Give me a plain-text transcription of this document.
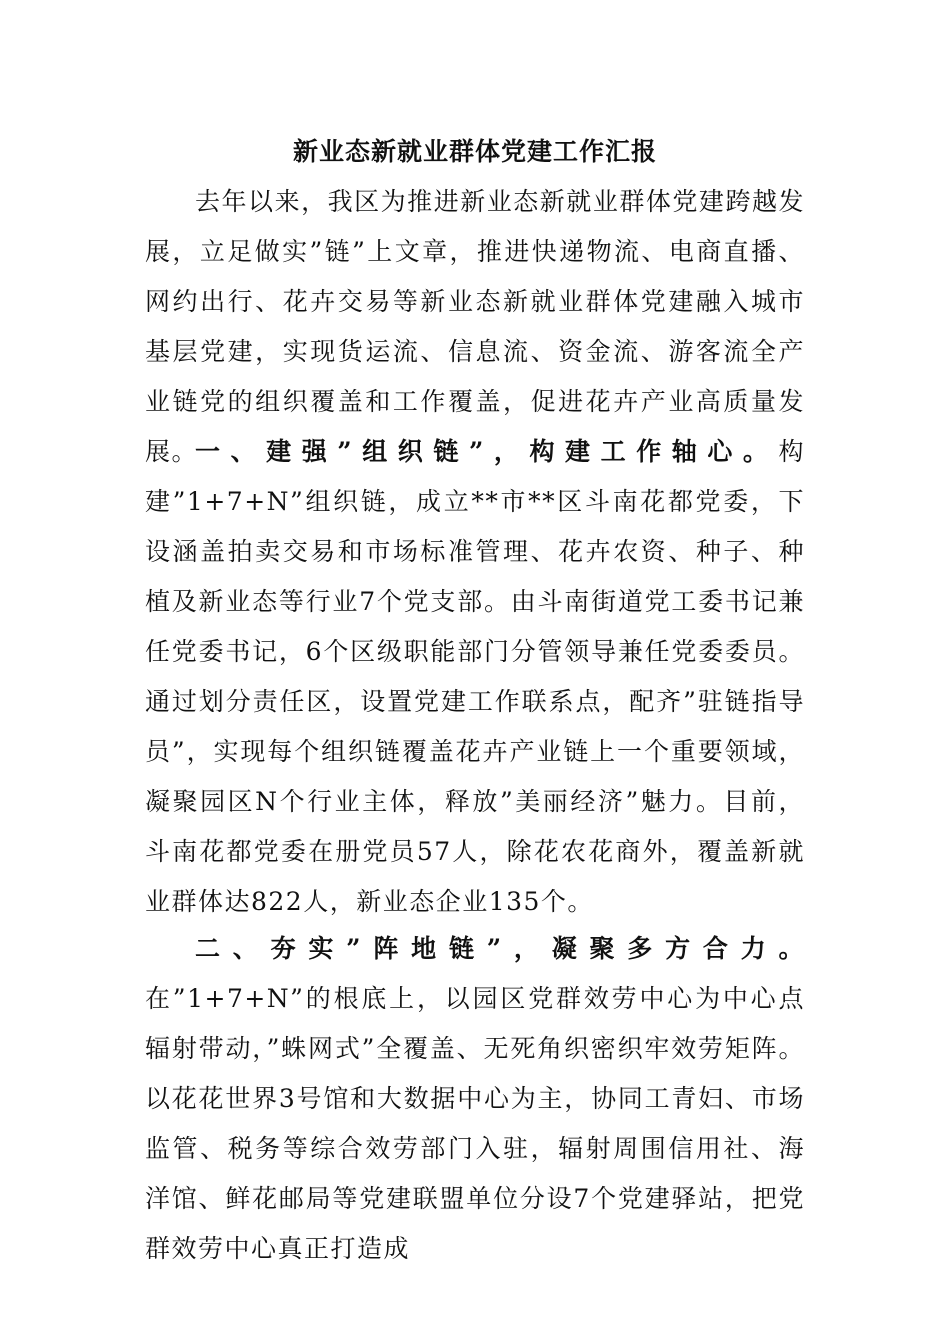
新业态新就业群体党建工作汇报

去年以来，我区为推进新业态新就业群体党建跨越发展，立足做实”链”上文章，推进快递物流、电商直播、网约出行、花卉交易等新业态新就业群体党建融入城市基层党建，实现货运流、信息流、资金流、游客流全产业链党的组织覆盖和工作覆盖，促进花卉产业高质量发展。

一、建强”组织链”，构建工作轴心。构建”1+7+N”组织链，成立**市**区斗南花都党委，下设涵盖拍卖交易和市场标准管理、花卉农资、种子、种植及新业态等行业7个党支部。由斗南街道党工委书记兼任党委书记，6个区级职能部门分管领导兼任党委委员。通过划分责任区，设置党建工作联系点，配齐”驻链指导员”，实现每个组织链覆盖花卉产业链上一个重要领域，凝聚园区N个行业主体，释放”美丽经济”魅力。目前，斗南花都党委在册党员57人，除花农花商外，覆盖新就业群体达822人，新业态企业135个。

二、夯实”阵地链”，凝聚多方合力。在”1+7+N”的根底上，以园区党群效劳中心为中心点辐射带动，”蛛网式”全覆盖、无死角织密织牢效劳矩阵。以花花世界3号馆和大数据中心为主，协同工青妇、市场监管、税务等综合效劳部门入驻，辐射周围信用社、海洋馆、鲜花邮局等党建联盟单位分设7个党建驿站，把党群效劳中心真正打造成
